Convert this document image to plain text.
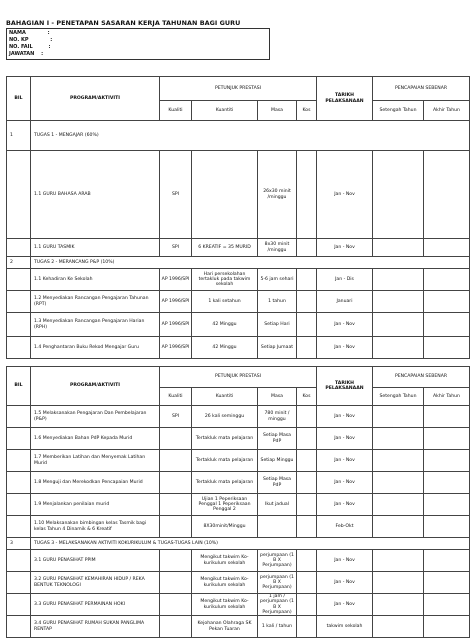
BAHAGIAN I - PENETAPAN SASARAN KERJA TAHUNAN BAGI GURU
NAMA	:
NO. KP	:
NO. FAIL	:
JAWATAN :
BIL	PROGRAM/AKTIVITI	PETUNJUK PRESTASI				TARIKH PELAKSANAAN	PENCAPAIAN SEBENAR	
		Kualiti	Kuantiti	Masa	Kos		Setengah Tahun	Akhir Tahun
1	TUGAS 1 - MENGAJAR (60%)							
	1.1 GURU BAHASA ARAB	SPI		26x30 minit /minggu		Jan - Nov		
	1.1 GURU TASMIK	SPI	6 KREATIF = 35 MURID	8x30 minit /minggu		Jan - Nov		
2	TUGAS 2 - MERANCANG P&P (10%)							
	1.1 Kehadiran Ke Sekolah	AP 1996/SPI	Hari persekolahan tertakluk pada takwim sekolah	5-6 jam sehari		Jan - Dis		
	1.2 Menyediakan Rancangan Pengajaran Tahunan (RPT)	AP 1996/SPI	1 kali setahun	1 tahun		Januari		
	1.3 Menyediakan Rancangan Pengajaran Harian (RPH)	AP 1996/SPI	42 Minggu	Setiap Hari		Jan - Nov		
	1.4 Penghantaran Buku Rekod Mengajar Guru	AP 1996/SPI	42 Minggu	Setiap Jumaat		Jan - Nov		
BIL	PROGRAM/AKTIVITI	PETUNJUK PRESTASI				TARIKH PELAKSANAAN	PENCAPAIAN SEBENAR	
		Kualiti	Kuantiti	Masa	Kos		Setengah Tahun	Akhir Tahun
	1.5 Melaksanakan Pengajaran Dan Pembelajaran (P&P)	SPI	26 kali seminggu	780 minit / minggu		Jan - Nov		
	1.6 Menyediakan Bahan PdP Kepada Murid		Tertakluk mata pelajaran	Setiap Masa PdP		Jan - Nov		
	1.7 Memberikan Latihan dan Menyemak Latihan Murid		Tertakluk mata pelajaran	Setiap Minggu		Jan - Nov		
	1.8 Menguji dan Merekodkan Pencapaian Murid		Tertakluk mata pelajaran	Setiap Masa PdP		Jan - Nov		
	1.9 Menjalankan penilaian murid		Ujian 1 Peperiksaan Penggal 1 Peperiksaan Penggal 2	Ikut jadual		Jan - Nov		
	1.10 Melaksanakan bimbingan kelas Tasmik bagi kelas Tahun 4 Dinamik & 6 Kreatif		8X30minit/Minggu			Feb-Okt		
3	TUGAS 3 - MELAKSANAKAN AKTIVITI KOKURIKULUM & TUGAS-TUGAS LAIN (10%)							
	3.1 GURU PENASIHAT PPIM		Mengikut takwim Ko-kurikulum sekolah	perjumpaan (1 B X Perjumpaan)		Jan - Nov		
	3.2 GURU PENASIHAT KEMAHIRAN HIDUP / REKA BENTUK TEKNOLOGI		Mengikut takwim Ko-kurikulum sekolah	perjumpaan (1 B X Perjumpaan)		Jan - Nov		
	3.3 GURU PENASIHAT PERMAINAN HOKI		Mengikut takwim Ko-kurikulum sekolah	1 jam / perjumpaan (1 B X Perjumpaan)		Jan - Nov		
	3.4 GURU PENASIHAT RUMAH SUKAN PANGLIMA RENTAP		Kejohanan Olahraga SK Pekan Tuaran	1 kali / tahun		takwim sekolah		
